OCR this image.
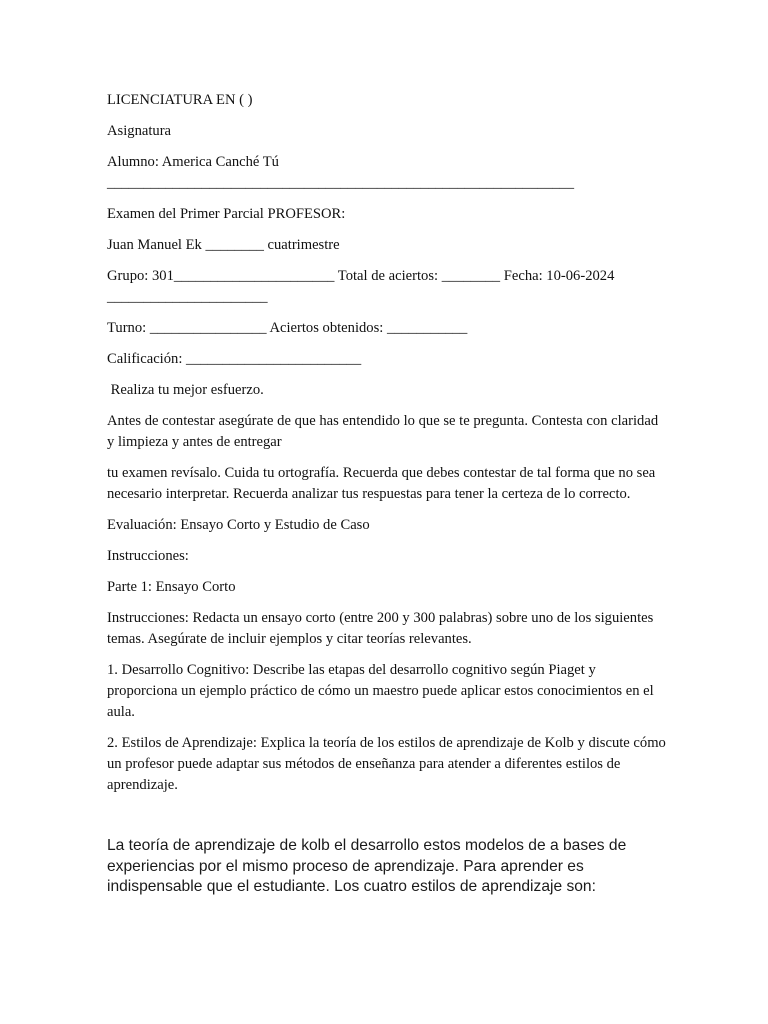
LICENCIATURA EN ( )

Asignatura

Alumno: America Canché Tú

________________________________________________________________

Examen del Primer Parcial PROFESOR:

Juan Manuel Ek ________ cuatrimestre

Grupo: 301______________________ Total de aciertos: ________ Fecha: 10-06-2024

______________________

Turno: ________________ Aciertos obtenidos: ___________

Calificación: ________________________

Realiza tu mejor esfuerzo.

Antes de contestar asegúrate de que has entendido lo que se te pregunta. Contesta con claridad y limpieza y antes de entregar

tu examen revísalo. Cuida tu ortografía. Recuerda que debes contestar de tal forma que no sea necesario interpretar. Recuerda analizar tus respuestas para tener la certeza de lo correcto.

Evaluación: Ensayo Corto y Estudio de Caso

Instrucciones:

Parte 1: Ensayo Corto

Instrucciones: Redacta un ensayo corto (entre 200 y 300 palabras) sobre uno de los siguientes temas. Asegúrate de incluir ejemplos y citar teorías relevantes.

1. Desarrollo Cognitivo: Describe las etapas del desarrollo cognitivo según Piaget y proporciona un ejemplo práctico de cómo un maestro puede aplicar estos conocimientos en el aula.

2. Estilos de Aprendizaje: Explica la teoría de los estilos de aprendizaje de Kolb y discute cómo un profesor puede adaptar sus métodos de enseñanza para atender a diferentes estilos de aprendizaje.

La teoría de aprendizaje de kolb el desarrollo estos modelos de a bases de experiencias por el mismo proceso de aprendizaje. Para aprender es indispensable que el estudiante. Los cuatro estilos de aprendizaje son:
